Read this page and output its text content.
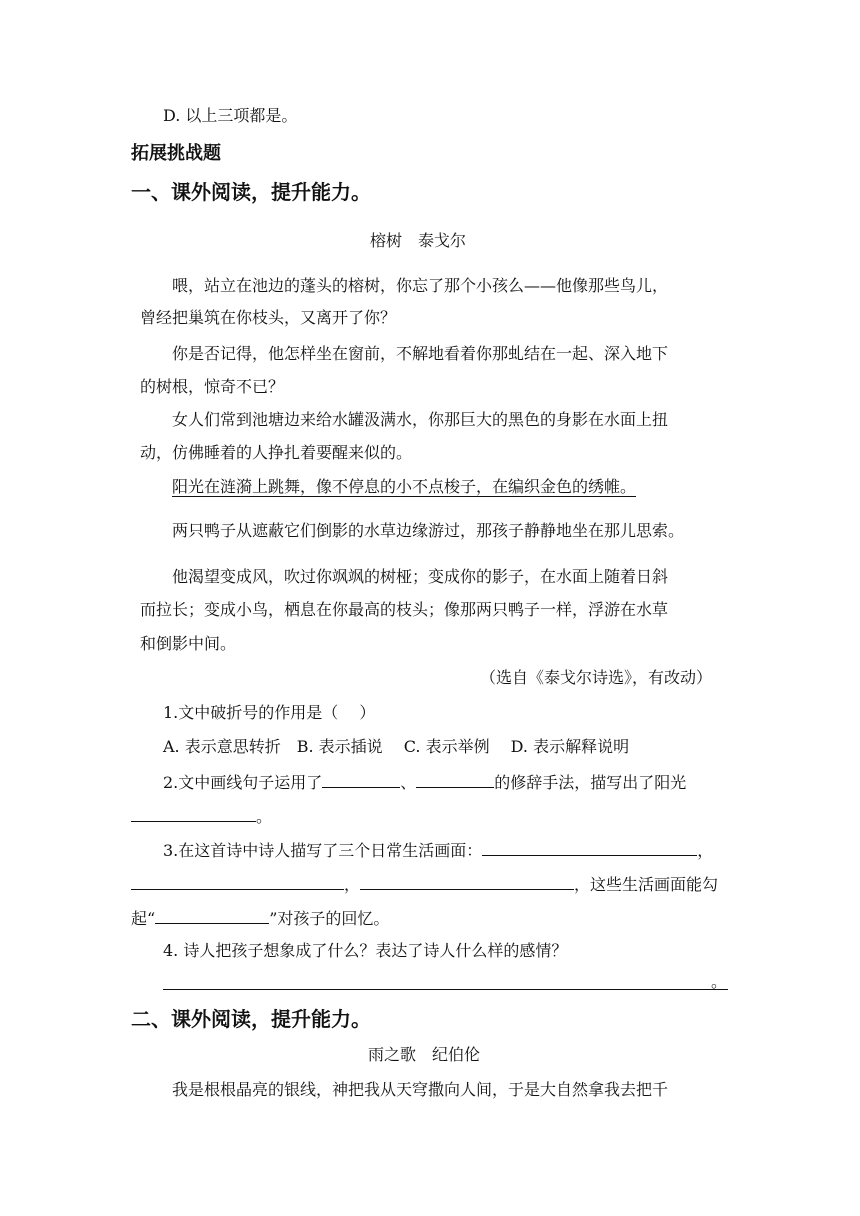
D. 以上三项都是。
拓展挑战题
一、课外阅读，提升能力。
榕树　泰戈尔
喂，站立在池边的蓬头的榕树，你忘了那个小孩么——他像那些鸟儿，
曾经把巢筑在你枝头，又离开了你？
你是否记得，他怎样坐在窗前，不解地看着你那虬结在一起、深入地下
的树根，惊奇不已？
女人们常到池塘边来给水罐汲满水，你那巨大的黑色的身影在水面上扭
动，仿佛睡着的人挣扎着要醒来似的。
阳光在涟漪上跳舞，像不停息的小不点梭子，在编织金色的绣帷。
两只鸭子从遮蔽它们倒影的水草边缘游过，那孩子静静地坐在那儿思索。
他渴望变成风，吹过你飒飒的树桠；变成你的影子，在水面上随着日斜
而拉长；变成小鸟，栖息在你最高的枝头；像那两只鸭子一样，浮游在水草
和倒影中间。
（选自《泰戈尔诗选》，有改动）
1.文中破折号的作用是（　 ）
A. 表示意思转折　B. 表示插说　 C. 表示举例　 D. 表示解释说明
2.文中画线句子运用了	、	的修辞手法，描写出了阳光
。
3.在这首诗中诗人描写了三个日常生活画面：	，
，	，这些生活画面能勾
起“	”对孩子的回忆。
4. 诗人把孩子想象成了什么？表达了诗人什么样的感情？
。
二、课外阅读，提升能力。
雨之歌　纪伯伦
我是根根晶亮的银线，神把我从天穹撒向人间，于是大自然拿我去把千
